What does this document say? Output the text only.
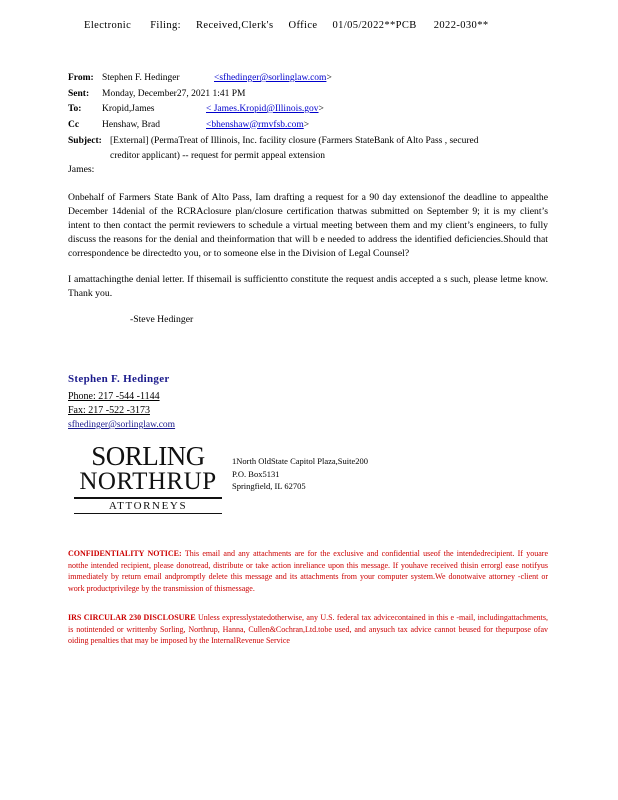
Electronic Filing: Received,Clerk's Office 01/05/2022**PCB 2022-030**
From: Stephen F. Hedinger	<sfhedinger@sorlinglaw.com>
Sent: Monday, December27, 2021 1:41 PM
To: Kropid,James	< James.Kropid@Illinois.gov>
Cc Henshaw, Brad	<bhenshaw@rmvfsb.com>
Subject: [External] (PermaTreat of Illinois, Inc. facility closure (Farmers StateBank of Alto Pass , secured
creditor applicant) -- request for permit appeal extension

James:

Onbehalf of Farmers State Bank of Alto Pass, Iam drafting a request for a 90 day extensionof the deadline to appealthe December 14denial of the RCRAclosure plan/closure certification thatwas submitted on September 9; it is my client’s intent to then contact the permit reviewers to schedule a virtual meeting between them and my client’s engineers, to fully discuss the reasons for the denial and theinformation that will b e needed to address the identified deficiencies.Should that correspondence be directedto you, or to someone else in the Division of Legal Counsel?

I amattachingthe denial letter. If thisemail is sufficientto constitute the request andis accepted a s such, please letme know. Thank you.

-Steve Hedinger

Stephen F. Hedinger
Phone: 217 -544 -1144
Fax: 217 -522 -3173
sfhedinger@sorlinglaw.com
SORLING
NORTHRUP
ATTORNEYS
1North OldState Capitol Plaza,Suite200
P.O. Box5131
Springfield, IL 62705

CONFIDENTIALITY NOTICE: This email and any attachments are for the exclusive and confidential useof the intendedrecipient. If youare notthe intended recipient, please donotread, distribute or take action inreliance upon this message. If youhave received thisin errorgl ease notifyus immediately by return email andpromptly delete this message and its attachments from your computer system.We donotwaive attorney -client or work productprivilege by the transmission of thismessage.

IRS CIRCULAR 230 DISCLOSURE Unless expresslystatedotherwise, any U.S. federal tax advicecontained in this e -mail, includingattachments, is notintended or writtenby Sorling, Northrup, Hanna, Cullen&Cochran,Ltd.tobe used, and anysuch tax advice cannot beused for thepurpose ofav oiding penalties that may be imposed by the InternalRevenue Service
